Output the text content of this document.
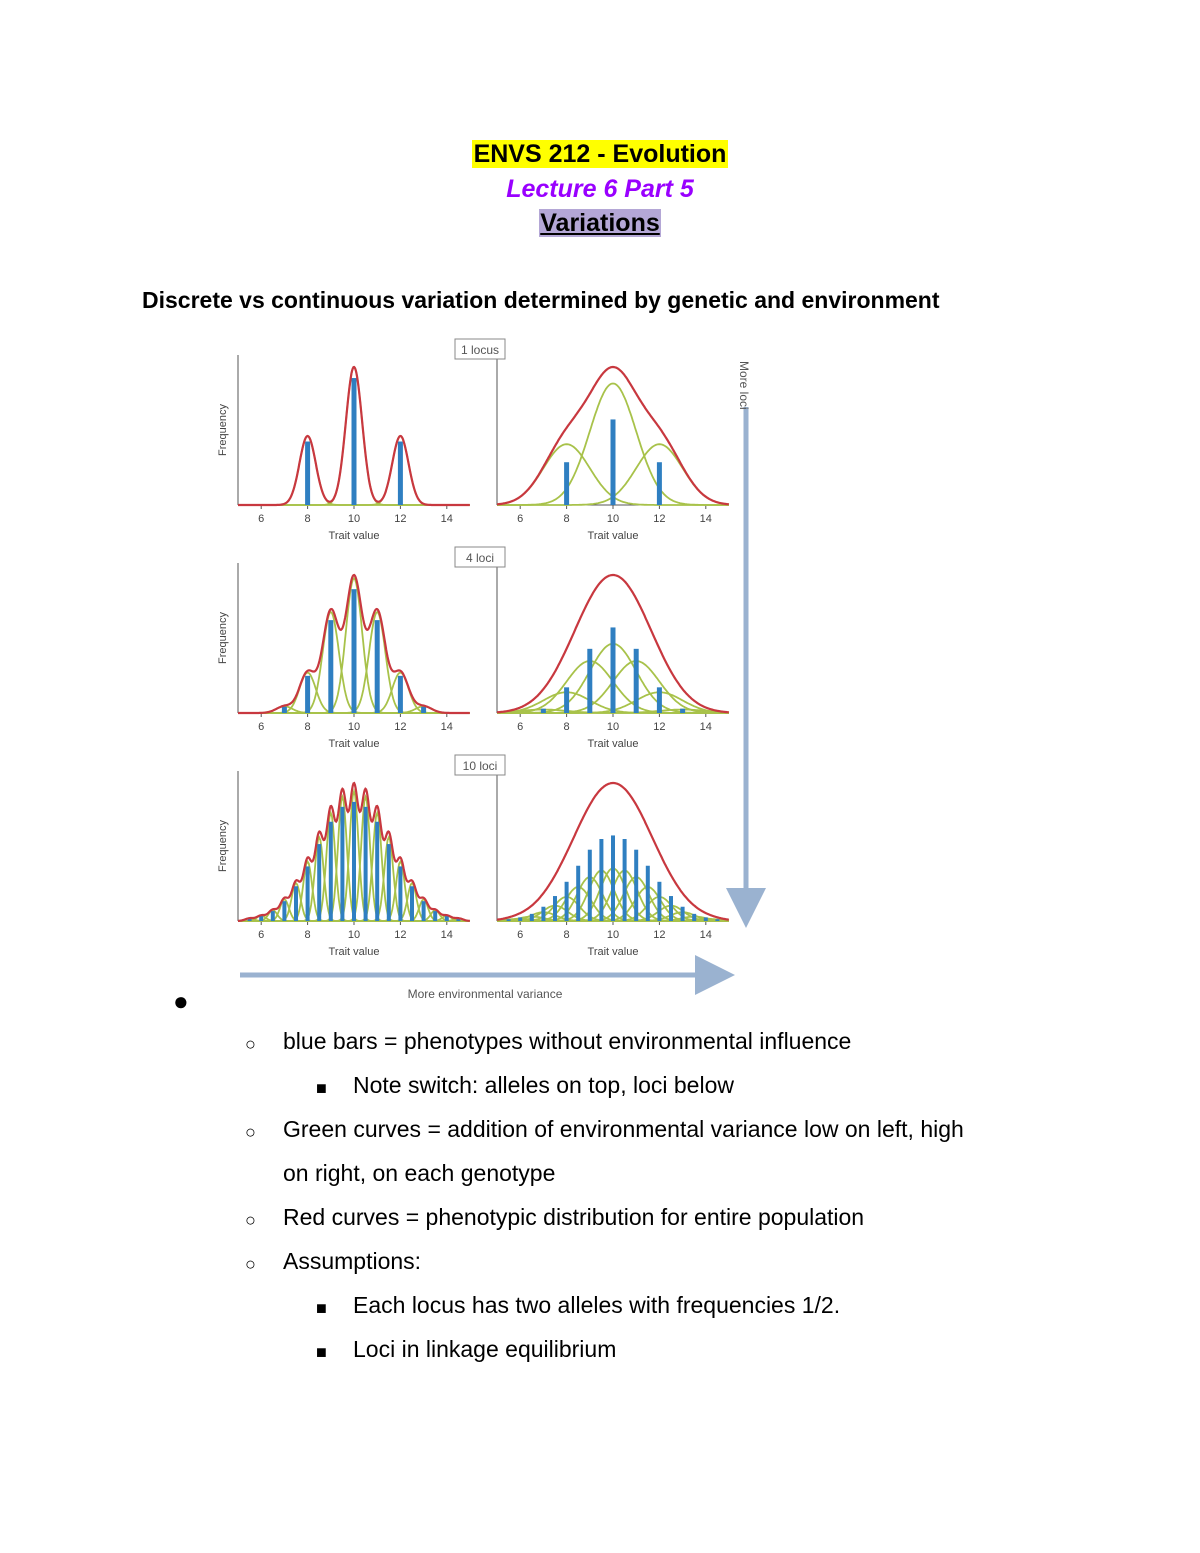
ENVS 212 - Evolution
Lecture 6 Part 5
Variations
Discrete vs continuous variation determined by genetic and environment
6	8	10	12	14
Trait value
Frequency
6	8	10	12	14
Trait value
6	8	10	12	14
Trait value
Frequency
6	8	10	12	14
Trait value
6	8	10	12	14
Trait value
Frequency
6	8	10	12	14
Trait value
1 locus
4 loci
10 loci
More loci
More environmental variance
●
○ blue bars = phenotypes without environmental influence
■ Note switch: alleles on top, loci below
○ Green curves = addition of environmental variance low on left, high
on right, on each genotype
○ Red curves = phenotypic distribution for entire population
○ Assumptions:
■ Each locus has two alleles with frequencies 1/2.
■ Loci in linkage equilibrium
